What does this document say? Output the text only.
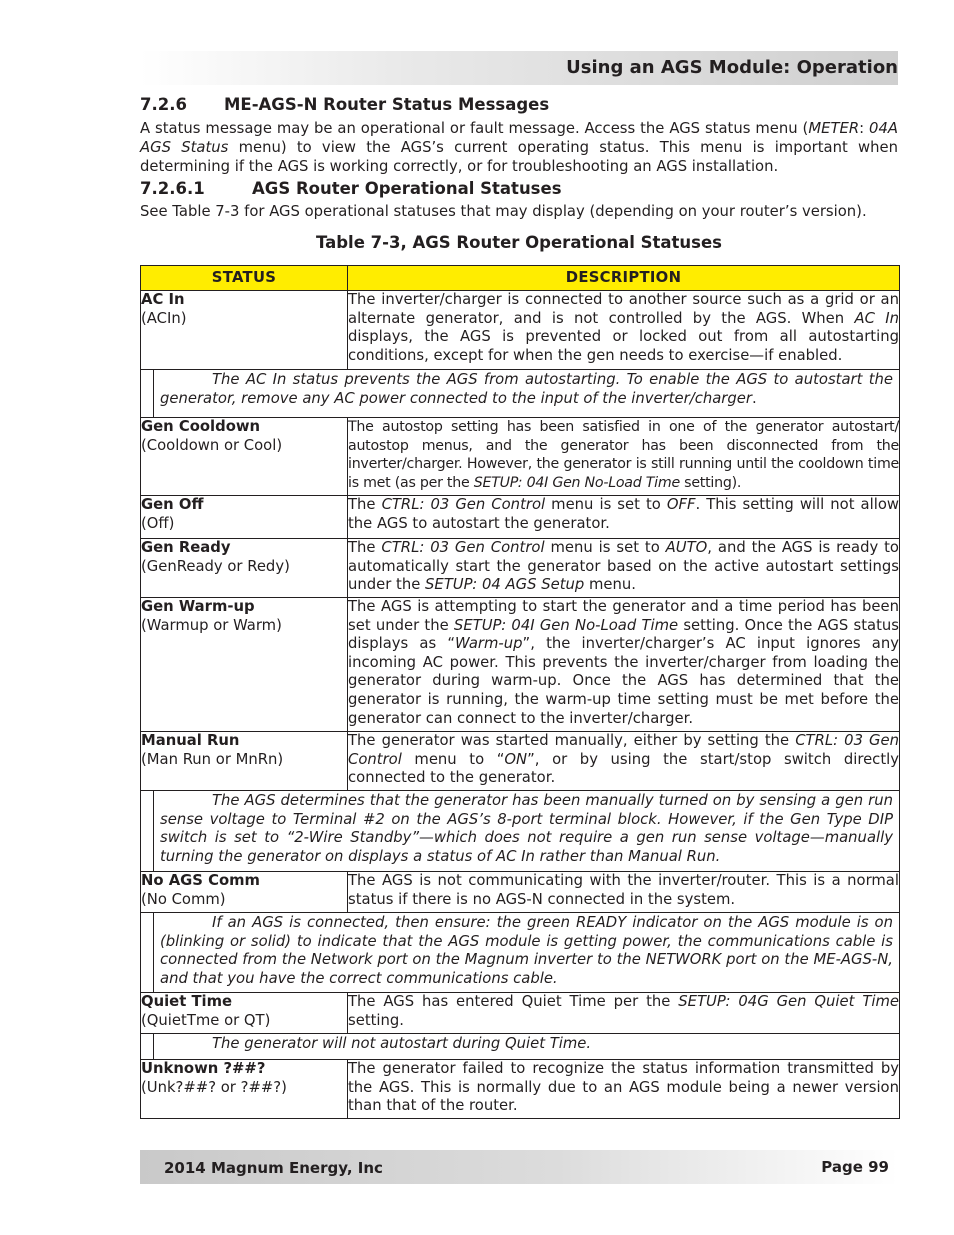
Using an AGS Module: Operation
7.2.6 ME-AGS-N Router Status Messages

A status message may be an operational or fault message. Access the AGS status menu (METER: 04A AGS Status menu) to view the AGS’s current operating status. This menu is important when determining if the AGS is working correctly, or for troubleshooting an AGS installation.

7.2.6.1	AGS Router Operational Statuses

See Table 7-3 for AGS operational statuses that may display (depending on your router’s version).

Table 7-3, AGS Router Operational Statuses
STATUS	DESCRIPTION

AC In
(ACIn)	The inverter/charger is connected to another source such as a grid or an alternate generator, and is not controlled by the AGS. When AC In displays, the AGS is prevented or locked out from all autostarting conditions, except for when the gen needs to exercise—if enabled.

The AC In status prevents the AGS from autostarting. To enable the AGS to autostart the generator, remove any AC power connected to the input of the inverter/charger.	

Gen Cooldown
(Cooldown or Cool)	The autostop setting has been satisfied in one of the generator autostart/ autostop menus, and the generator has been disconnected from the inverter/charger. However, the generator is still running until the cooldown time is met (as per the SETUP: 04I Gen No-Load Time setting).

Gen Off
(Off)	The CTRL: 03 Gen Control menu is set to OFF. This setting will not allow the AGS to autostart the generator.

Gen Ready
(GenReady or Redy)	The CTRL: 03 Gen Control menu is set to AUTO, and the AGS is ready to automatically start the generator based on the active autostart settings under the SETUP: 04 AGS Setup menu.

Gen Warm-up
(Warmup or Warm)	The AGS is attempting to start the generator and a time period has been set under the SETUP: 04I Gen No-Load Time setting. Once the AGS status displays as “Warm-up”, the inverter/charger’s AC input ignores any incoming AC power. This prevents the inverter/charger from loading the generator during warm-up. Once the AGS has determined that the generator is running, the warm-up time setting must be met before the generator can connect to the inverter/charger.

Manual Run
(Man Run or MnRn)	The generator was started manually, either by setting the CTRL: 03 Gen Control menu to “ON”, or by using the start/stop switch directly connected to the generator.

The AGS determines that the generator has been manually turned on by sensing a gen run sense voltage to Terminal #2 on the AGS’s 8-port terminal block. However, if the Gen Type DIP switch is set to “2-Wire Standby”—which does not require a gen run sense voltage—manually turning the generator on displays a status of AC In rather than Manual Run.	

No AGS Comm
(No Comm)	The AGS is not communicating with the inverter/router. This is a normal status if there is no AGS-N connected in the system.

If an AGS is connected, then ensure: the green READY indicator on the AGS module is on (blinking or solid) to indicate that the AGS module is getting power, the communications cable is connected from the Network port on the Magnum inverter to the NETWORK port on the ME-AGS-N, and that you have the correct communications cable.	

Quiet Time
(QuietTme or QT)	The AGS has entered Quiet Time per the SETUP: 04G Gen Quiet Time setting.

The generator will not autostart during Quiet Time.	

Unknown ?##?
(Unk?##? or ?##?)	The generator failed to recognize the status information transmitted by the AGS. This is normally due to an AGS module being a newer version than that of the router.
2014 Magnum Energy, Inc	Page 99
